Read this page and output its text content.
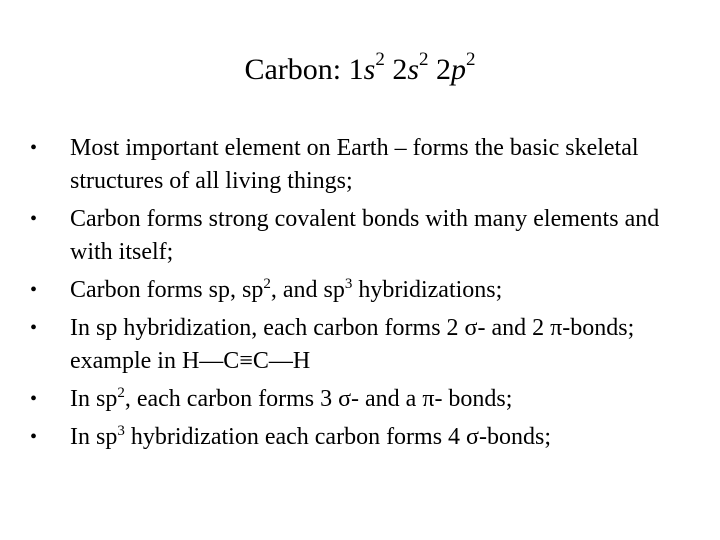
Carbon: $1s^2$ $2s^2$ $2p^2$
• Most important element on Earth – forms the basic skeletal structures of all living things;
• Carbon forms strong covalent bonds with many elements and with itself;
• Carbon forms sp, $sp^2$, and $sp^3$ hybridizations;
• In sp hybridization, each carbon forms 2 σ- and 2 π-bonds; example in H—C≡C—H
• In $sp^2$, each carbon forms 3 σ- and a π- bonds;
• In $sp^3$ hybridization each carbon forms 4 σ-bonds;
